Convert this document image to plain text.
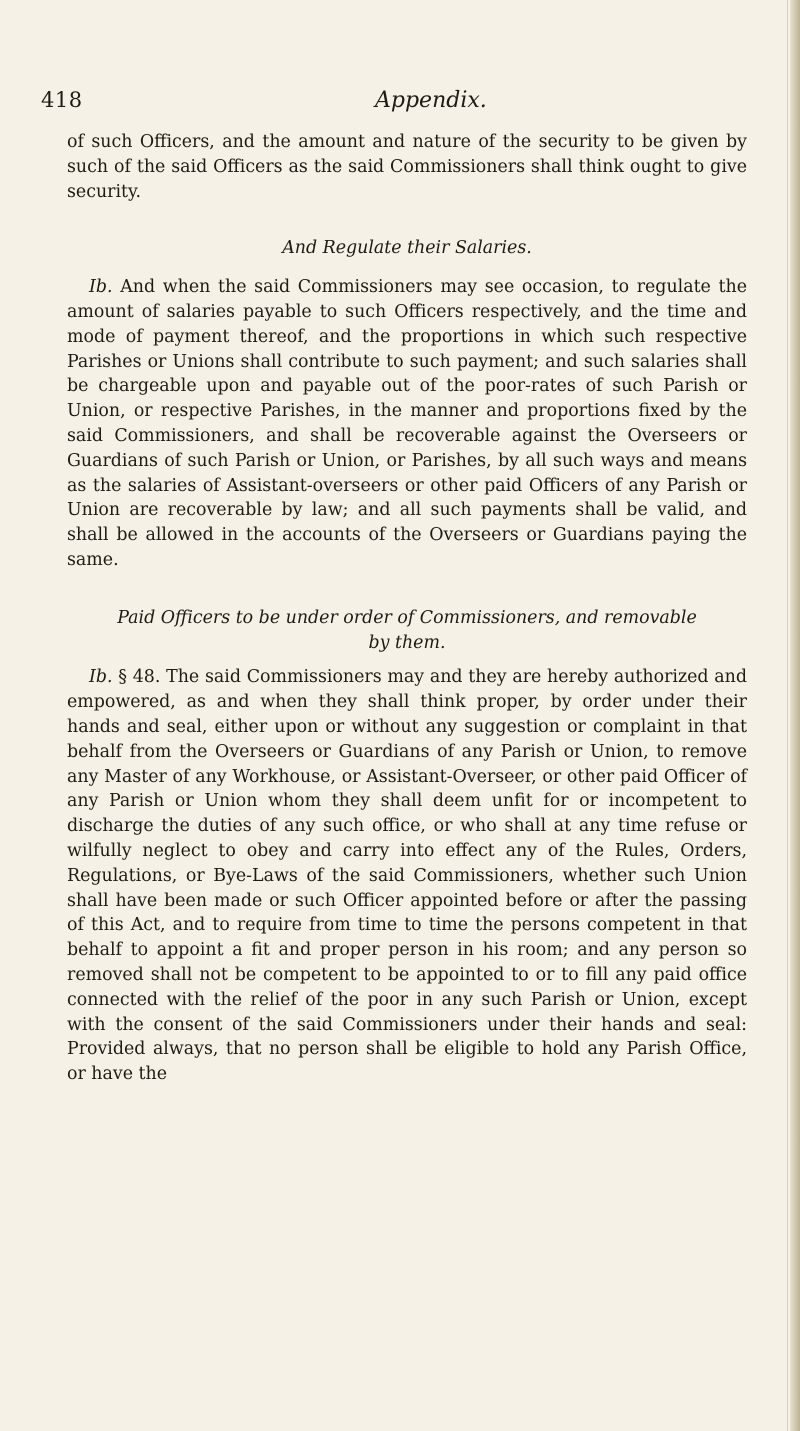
418	Appendix.

of such Officers, and the amount and nature of the security to be given by such of the said Officers as the said Commissioners shall think ought to give security.

And Regulate their Salaries.

Ib. And when the said Commissioners may see occasion, to regulate the amount of salaries payable to such Officers respectively, and the time and mode of payment thereof, and the proportions in which such respective Parishes or Unions shall contribute to such payment; and such salaries shall be chargeable upon and payable out of the poor-rates of such Parish or Union, or respective Parishes, in the manner and proportions fixed by the said Commissioners, and shall be recoverable against the Overseers or Guardians of such Parish or Union, or Parishes, by all such ways and means as the salaries of Assistant-overseers or other paid Officers of any Parish or Union are recoverable by law; and all such payments shall be valid, and shall be allowed in the accounts of the Overseers or Guardians paying the same.

Paid Officers to be under order of Commissioners, and removable by them.

Ib. § 48. The said Commissioners may and they are hereby authorized and empowered, as and when they shall think proper, by order under their hands and seal, either upon or without any suggestion or complaint in that behalf from the Overseers or Guardians of any Parish or Union, to remove any Master of any Workhouse, or Assistant-Overseer, or other paid Officer of any Parish or Union whom they shall deem unfit for or incompetent to discharge the duties of any such office, or who shall at any time refuse or wilfully neglect to obey and carry into effect any of the Rules, Orders, Regulations, or Bye-Laws of the said Commissioners, whether such Union shall have been made or such Officer appointed before or after the passing of this Act, and to require from time to time the persons competent in that behalf to appoint a fit and proper person in his room; and any person so removed shall not be competent to be appointed to or to fill any paid office connected with the relief of the poor in any such Parish or Union, except with the consent of the said Commissioners under their hands and seal: Provided always, that no person shall be eligible to hold any Parish Office, or have the
